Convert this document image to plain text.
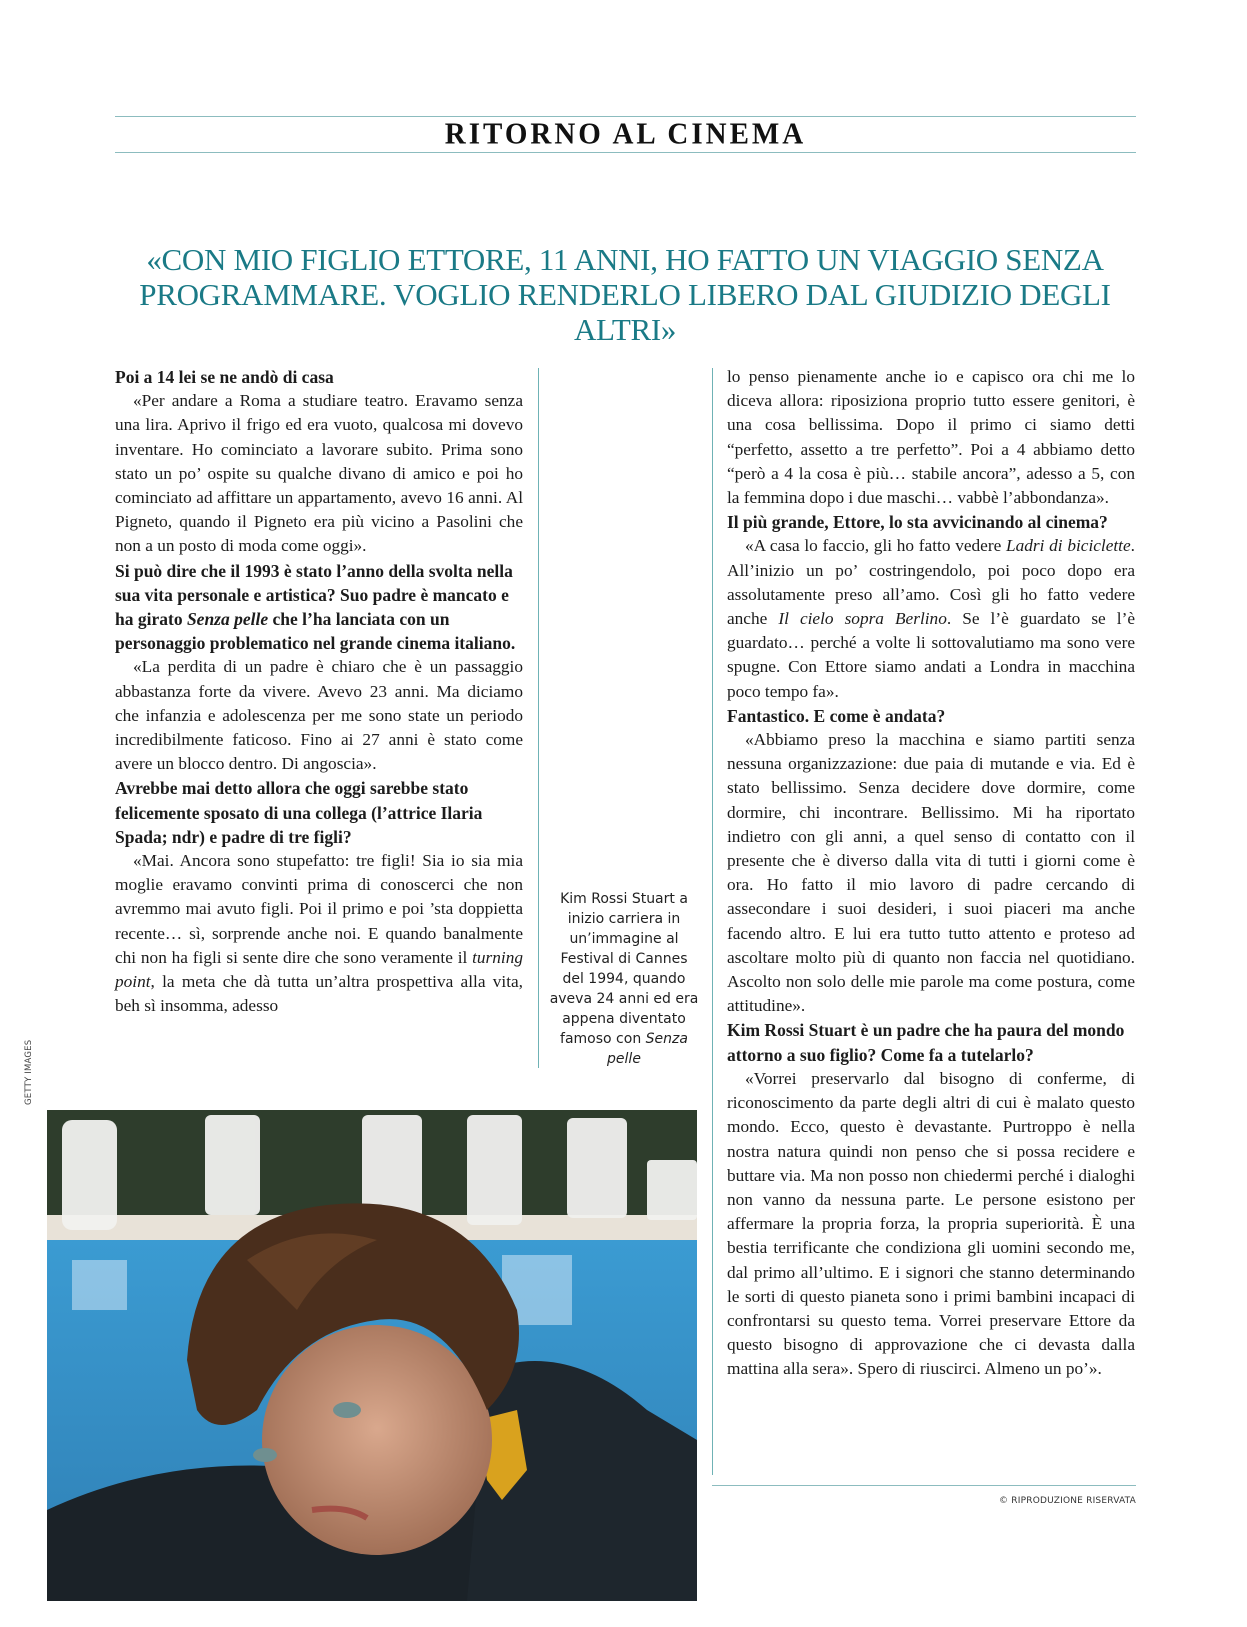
RITORNO AL CINEMA
«CON MIO FIGLIO ETTORE, 11 ANNI, HO FATTO UN VIAGGIO SENZA
PROGRAMMARE. VOGLIO RENDERLO LIBERO DAL GIUDIZIO DEGLI ALTRI»

Poi a 14 lei se ne andò di casa

«Per andare a Roma a studiare teatro. Eravamo senza una lira. Aprivo il frigo ed era vuoto, qualcosa mi dovevo inventare. Ho cominciato a lavorare subito. Prima sono stato un po’ ospite su qualche divano di amico e poi ho cominciato ad affittare un appartamento, avevo 16 anni. Al Pigneto, quando il Pigneto era più vicino a Pasolini che non a un posto di moda come oggi».

Si può dire che il 1993 è stato l’anno della svolta nella sua vita personale e artistica? Suo padre è mancato e ha girato Senza pelle che l’ha lanciata con un personaggio problematico nel grande cinema italiano.

«La perdita di un padre è chiaro che è un passaggio abbastanza forte da vivere. Avevo 23 anni. Ma diciamo che infanzia e adolescenza per me sono state un periodo incredibilmente faticoso. Fino ai 27 anni è stato come avere un blocco dentro. Di angoscia».

Avrebbe mai detto allora che oggi sarebbe stato felicemente sposato di una collega (l’attrice Ilaria Spada; ndr) e padre di tre figli?

«Mai. Ancora sono stupefatto: tre figli! Sia io sia mia moglie eravamo convinti prima di conoscerci che non avremmo mai avuto figli. Poi il primo e poi ’sta doppietta recente… sì, sorprende anche noi. E quando banalmente chi non ha figli si sente dire che sono veramente il turning point, la meta che dà tutta un’altra prospettiva alla vita, beh sì insomma, adesso

Kim Rossi Stuart a inizio carriera in un’immagine al Festival di Cannes del 1994, quando aveva 24 anni ed era appena diventato famoso con Senza pelle

lo penso pienamente anche io e capisco ora chi me lo diceva allora: riposiziona proprio tutto essere genitori, è una cosa bellissima. Dopo il primo ci siamo detti “perfetto, assetto a tre perfetto”. Poi a 4 abbiamo detto “però a 4 la cosa è più… stabile ancora”, adesso a 5, con la femmina dopo i due maschi… vabbè l’abbondanza».

Il più grande, Ettore, lo sta avvicinando al cinema?

«A casa lo faccio, gli ho fatto vedere Ladri di biciclette. All’inizio un po’ costringendolo, poi poco dopo era assolutamente preso all’amo. Così gli ho fatto vedere anche Il cielo sopra Berlino. Se l’è guardato se l’è guardato… perché a volte li sottovalutiamo ma sono vere spugne. Con Ettore siamo andati a Londra in macchina poco tempo fa».

Fantastico. E come è andata?

«Abbiamo preso la macchina e siamo partiti senza nessuna organizzazione: due paia di mutande e via. Ed è stato bellissimo. Senza decidere dove dormire, come dormire, chi incontrare. Bellissimo. Mi ha riportato indietro con gli anni, a quel senso di contatto con il presente che è diverso dalla vita di tutti i giorni come è ora. Ho fatto il mio lavoro di padre cercando di assecondare i suoi desideri, i suoi piaceri ma anche facendo altro. E lui era tutto tutto attento e proteso ad ascoltare molto più di quanto non faccia nel quotidiano. Ascolto non solo delle mie parole ma come postura, come attitudine».

Kim Rossi Stuart è un padre che ha paura del mondo attorno a suo figlio? Come fa a tutelarlo?

«Vorrei preservarlo dal bisogno di conferme, di riconoscimento da parte degli altri di cui è malato questo mondo. Ecco, questo è devastante. Purtroppo è nella nostra natura quindi non penso che si possa recidere e buttare via. Ma non posso non chiedermi perché i dialoghi non vanno da nessuna parte. Le persone esistono per affermare la propria forza, la propria superiorità. È una bestia terrificante che condiziona gli uomini secondo me, dal primo all’ultimo. E i signori che stanno determinando le sorti di questo pianeta sono i primi bambini incapaci di confrontarsi su questo tema. Vorrei preservare Ettore da questo bisogno di approvazione che ci devasta dalla mattina alla sera». Spero di riuscirci. Almeno un po’».

GETTY IMAGES
© RIPRODUZIONE RISERVATA
